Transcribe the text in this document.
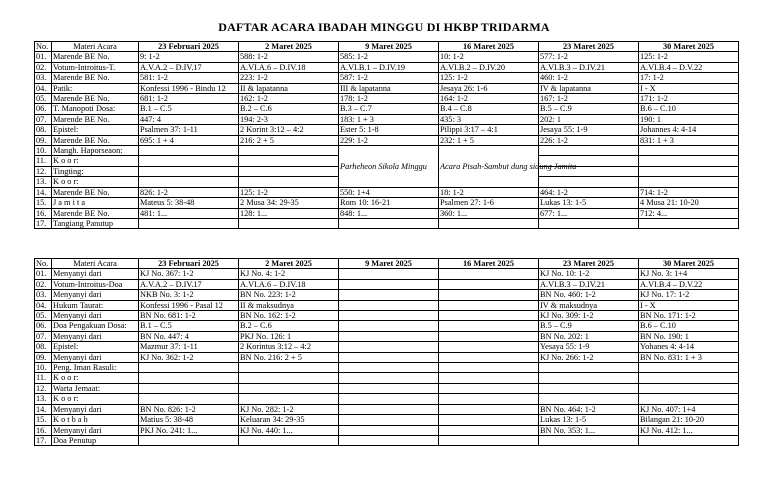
DAFTAR ACARA IBADAH MINGGU DI HKBP TRIDARMA
No.	Materi Acara	23 Februari 2025	2 Maret 2025	9 Maret 2025	16 Maret 2025	23 Maret 2025	30 Maret 2025
01.	Marende BE No.	9: 1-2	588: 1-2	585: 1-2	10: 1-2	577: 1-2	125: 1-2
02.	Votum-Introitus-T.	A.V.A.2 – D.IV.17	A.VI.A.6 – D.IV.18	A.VI.B.1 – D.IV.19	A.VI.B.2 – D.IV.20	A.VI.B.3 – D.IV.21	A.VI.B.4 – D.V.22
03.	Marende BE No.	581: 1-2	223: 1-2	587: 1-2	125: 1-2	460: 1-2	17: 1-2
04.	Patik:	Konfessi 1996 - Bindu 12	II & lapatanna	III & lapatanna	Jesaya 26: 1-6	IV & lapatanna	I - X
05.	Marende BE No.	681: 1-2	162: 1-2	178: 1-2	164: 1-2	167: 1-2	171: 1-2
06.	T. Manopoti Dosa:	B.1 – C.5	B.2 – C.6	B.3 – C.7	B.4 – C.8	B.5 – C.9	B.6 – C.10
07.	Marende BE No.	447: 4	194: 2-3	183: 1 + 3	435: 3	202: 1	190: 1
08.	Epistel:	Psalmen 37: 1-11	2 Korint 3:12 – 4:2	Ester 5: 1-8	Pilippi 3:17 – 4:1	Jesaya 55: 1-9	Johannes 4: 4-14
09.	Marende BE No.	695: 1 + 4	216: 2 + 5	229: 1-2	232: 1 + 5	226: 1-2	831: 1 + 3
10.	Mangh. Haporseaon:			Parheheon Sikola Minggu	Acara Pisah-Sambut dung sidung Jamita		
11.	K o o r:						
12.	Tingting:						
13.	K o o r:						
14.	Marende BE No.	826: 1-2	125: 1-2	550: 1+4	18: 1-2	464: 1-2	714: 1-2
15.	J a m i t a	Mateus 5: 38-48	2 Musa 34: 29-35	Rom 10: 16-21	Psalmen 27: 1-6	Lukas 13: 1-5	4 Musa 21: 10-20
16.	Marende BE No.	481: 1...	128: 1...	848: 1...	360: 1...	677: 1...	712: 4...
17.	Tangiang Panutup						
No.	Materi Acara	23 Februari 2025	2 Maret 2025	9 Maret 2025	16 Maret 2025	23 Maret 2025	30 Maret 2025
01.	Menyanyi dari	KJ No. 367: 1-2	KJ No. 4: 1-2			KJ No. 10: 1-2	KJ No. 3: 1+4
02.	Votum-Introitus-Doa	A.V.A.2 – D.IV.17	A.VI.A.6 – D.IV.18			A.VI.B.3 – D.IV.21	A.VI.B.4 – D.V.22
03.	Menyanyi dari	NKB No. 3: 1-2	BN No. 223: 1-2			BN No. 460: 1-2	KJ No. 17: 1-2
04.	Hukum Taurat:	Konfessi 1996 - Pasal 12	II & maksudnya			IV & maksudnya	I - X
05.	Menyanyi dari	BN No. 681: 1-2	BN No. 162: 1-2			KJ No. 309: 1-2	BN No. 171: 1-2
06.	Doa Pengakuan Dosa:	B.1 – C.5	B.2 – C.6			B.5 – C.9	B.6 – C.10
07.	Menyanyi dari	BN No. 447: 4	PKJ No. 126: 1			BN No. 202: 1	BN No. 190: 1
08.	Epistel:	Mazmur 37: 1-11	2 Korintus 3:12 – 4:2			Yesaya 55: 1-9	Yohanes 4: 4-14
09.	Menyanyi dari	KJ No. 362: 1-2	BN No. 216: 2 + 5			KJ No. 266: 1-2	BN No. 831: 1 + 3
10.	Peng. Iman Rasuli:						
11.	K o o r:						
12.	Warta Jemaat:						
13.	K o o r:						
14.	Menyanyi dari	BN No. 826: 1-2	KJ No. 282: 1-2			BN No. 464: 1-2	KJ No. 407: 1+4
15.	K o t b a h	Matius 5: 38-48	Keluaran 34: 29-35			Lukas 13: 1-5	Bilangan 21: 10-20
16.	Menyanyi dari	PKJ No. 241: 1...	KJ No. 440: 1...			BN No. 353: 1...	KJ No. 412: 1...
17.	Doa Penutup						
